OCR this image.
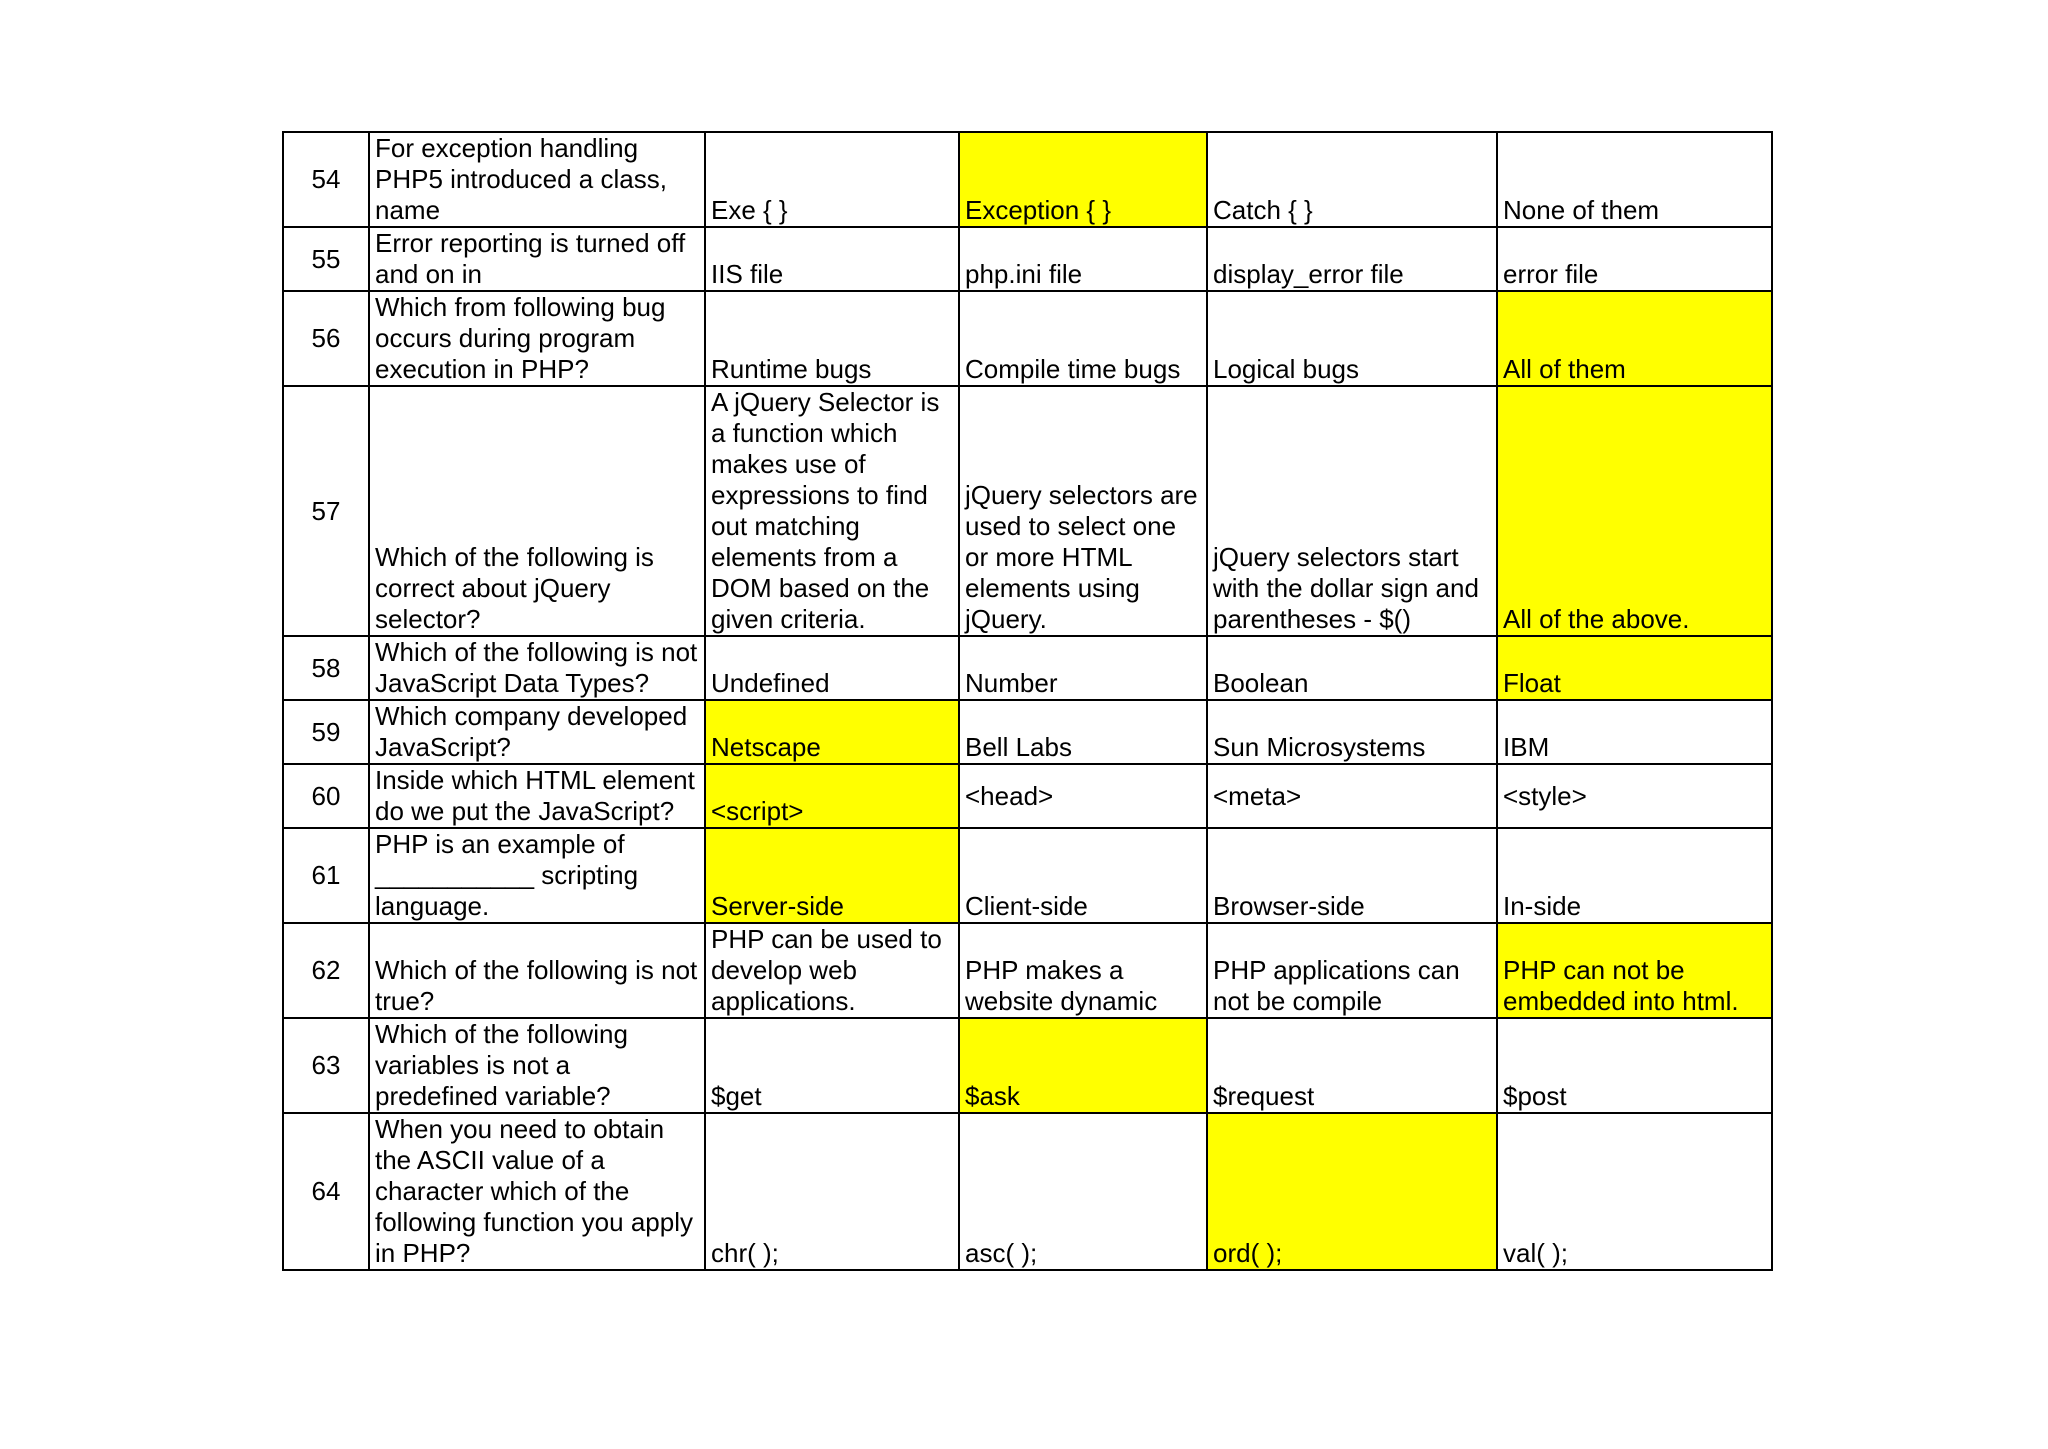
54	For exception handling PHP5 introduced a class, name	Exe { }	Exception { }	Catch { }	None of them
55	Error reporting is turned off and on in	IIS file	php.ini file	display_error file	error file
56	Which from following bug occurs during program execution in PHP?	Runtime bugs	Compile time bugs	Logical bugs	All of them
57	Which of the following is correct about jQuery selector?	A jQuery Selector is a function which makes use of expressions to find out matching elements from a DOM based on the given criteria.	jQuery selectors are used to select one or more HTML elements using jQuery.	jQuery selectors start with the dollar sign and parentheses - $()	All of the above.
58	Which of the following is not JavaScript Data Types?	Undefined	Number	Boolean	Float
59	Which company developed JavaScript?	Netscape	Bell Labs	Sun Microsystems	IBM
60	Inside which HTML element do we put the JavaScript?	<script>	<head>	<meta>	<style>
61	PHP is an example of ___________ scripting language.	Server-side	Client-side	Browser-side	In-side
62	Which of the following is not true?	PHP can be used to develop web applications.	PHP makes a website dynamic	PHP applications can not be compile	PHP can not be embedded into html.
63	Which of the following variables is not a predefined variable?	$get	$ask	$request	$post
64	When you need to obtain the ASCII value of a character which of the following function you apply in PHP?	chr( );	asc( );	ord( );	val( );
